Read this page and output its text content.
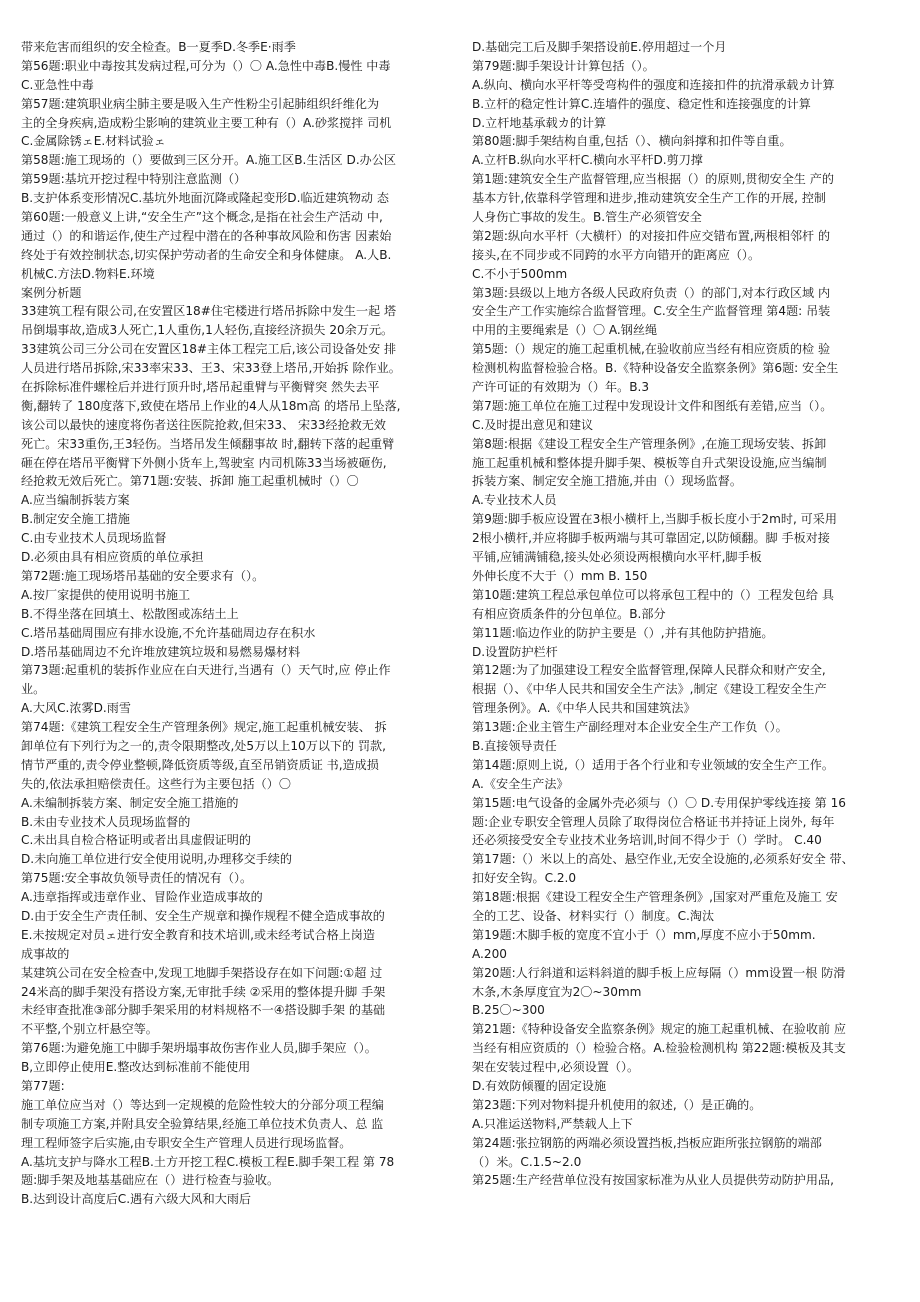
带来危害而组织的安全检查。B一夏季D.冬季E·雨季
第56题:职业中毒按其发病过程,可分为（）〇 A.急性中毒B.慢性 中毒
C.亚急性中毒
第57题:建筑职业病尘肺主要是吸入生产性粉尘引起肺组织纤维化为
主的全身疾病,造成粉尘影响的建筑业主要工种有（）A.砂浆搅拌 司机
C.金属除锈ェE.材料试验ェ
第58题:施工现场的（）要做到三区分开。A.施工区B.生活区 D.办公区
第59题:基坑开挖过程中特别注意监测（）
B.支护体系变形情况C.基坑外地面沉降或隆起变形D.临近建筑物动 态
第60题:一般意义上讲,“安全生产”这个概念,是指在社会生产活动 中,
通过（）的和谐运作,使生产过程中潜在的各种事故风险和伤害 因素始
终处于有效控制状态,切实保护劳动者的生命安全和身体健康。 A.人B.
机械C.方法D.物料E.环境
案例分析题
33建筑工程有限公司,在安置区18#住宅楼进行塔吊拆除中发生一起 塔
吊倒塌事故,造成3人死亡,1人重伤,1人轻伤,直接经济损失 20余万元。
33建筑公司三分公司在安置区18#主体工程完工后,该公司设备处安 排
人员进行塔吊拆除,宋33率宋33、王3、宋33登上塔吊,开始拆 除作业。
在拆除标准件螺栓后并进行顶升时,塔吊起重臂与平衡臂突 然失去平
衡,翻转了 180度落下,致使在塔吊上作业的4人从18m高 的塔吊上坠落,
该公司以最快的速度将伤者送往医院抢救,但宋33、 宋33经抢救无效
死亡。宋33重伤,王3轻伤。当塔吊发生倾翻事故 时,翻转下落的起重臂
砸在停在塔吊平衡臂下外侧小货车上,驾驶室 内司机陈33当场被砸伤,
经抢救无效后死亡。第71题:安装、拆卸 施工起重机械时（）〇
A.应当编制拆装方案
B.制定安全施工措施
C.由专业技术人员现场监督
D.必须由具有相应资质的单位承担
第72题:施工现场塔吊基础的安全要求有（）。
A.按厂家提供的使用说明书施工
B.不得坐落在回填土、松散图或冻结土上
C.塔吊基础周围应有排水设施,不允许基础周边存在积水
D.塔吊基础周边不允许堆放建筑垃圾和易燃易爆材料
第73题:起重机的装拆作业应在白天进行,当遇有（）天气时,应 停止作
业。
A.大风C.浓雾D.雨雪
第74题:《建筑工程安全生产管理条例》规定,施工起重机械安装、 拆
卸单位有下列行为之一的,责令限期整改,处5万以上10万以下的 罚款,
情节严重的,责令停业整顿,降低资质等级,直至吊销资质证 书,造成损
失的,依法承担赔偿责任。这些行为主要包括（）〇
A.未编制拆装方案、制定安全施工措施的
B.未由专业技术人员现场监督的
C.未出具自检合格证明或者出具虚假证明的
D.未向施工单位进行安全使用说明,办理移交手续的
第75题:安全事故负领导责任的情况有（）。
A.违章指挥或违章作业、冒险作业造成事故的
D.由于安全生产责任制、安全生产规章和操作规程不健全造成事故的
E.未按规定对员ェ进行安全教育和技术培训,或未经考试合格上岗造
成事故的
某建筑公司在安全检查中,发现工地脚手架搭设存在如下问题:①超 过
24米高的脚手架没有搭设方案,无审批手续 ②采用的整体提升脚 手架
未经审查批准③部分脚手架采用的材料规格不一④搭设脚手架 的基础
不平整,个别立杆悬空等。
第76题:为避免施工中脚手架坍塌事故伤害作业人员,脚手架应（）。
B,立即停止使用E.整改达到标准前不能使用
第77题:
施工单位应当对（）等达到一定规模的危险性较大的分部分项工程编
制专项施工方案,并附具安全验算结果,经施工单位技术负责人、总 监
理工程师签字后实施,由专职安全生产管理人员进行现场监督。
A.基坑支护与降水工程B.土方开挖工程C.模板工程E.脚手架工程 第 78
题:脚手架及地基基础应在（）进行检查与验收。
B.达到设计高度后C.遇有六级大风和大雨后
D.基础完工后及脚手架搭设前E.停用超过一个月
第79题:脚手架设计计算包括（）。
A.纵向、横向水平杆等受弯构件的强度和连接扣件的抗滑承载カ计算
B.立杆的稳定性计算C.连墙件的强度、稳定性和连接强度的计算
D.立杆地基承载カ的计算
第80题:脚手架结构自重,包括（）、横向斜撑和扣件等自重。
A.立杆B.纵向水平杆C.横向水平杆D.剪刀撑
第1题:建筑安全生产监督管理,应当根据（）的原则,贯彻安全生 产的
基本方针,依靠科学管理和进步,推动建筑安全生产工作的开展, 控制
人身伤亡事故的发生。B.管生产必须管安全
第2题:纵向水平杆（大横杆）的对接扣件应交错布置,两根相邻杆 的
接头,在不同步或不同跨的水平方向错开的距离应（）。
C.不小于500mm
第3题:县级以上地方各级人民政府负责（）的部门,对本行政区域 内
安全生产工作实施综合监督管理。C.安全生产监督管理 第4题: 吊装
中用的主要绳索是（）〇 A.钢丝绳
第5题:（）规定的施工起重机械,在验收前应当经有相应资质的检 验
检测机构监督检验合格。B.《特种设备安全监察条例》第6题: 安全生
产许可证的有效期为（）年。B.3
第7题:施工单位在施工过程中发现设计文件和图纸有差错,应当（）。
C.及时提出意见和建议
第8题:根据《建设工程安全生产管理条例》,在施工现场安装、拆卸
施工起重机械和整体提升脚手架、模板等自升式架设设施,应当编制
拆装方案、制定安全施工措施,并由（）现场监督。
A.专业技术人员
第9题:脚手板应设置在3根小横杆上,当脚手板长度小于2m时, 可采用
2根小横杆,并应将脚手板两端与其可靠固定,以防倾翻。脚 手板对接
平铺,应铺满铺稳,接头处必须设两根横向水平杆,脚手板
外伸长度不大于（）mm B. 150
第10题:建筑工程总承包单位可以将承包工程中的（）工程发包给 具
有相应资质条件的分包单位。B.部分
第11题:临边作业的防护主要是（）,并有其他防护措施。
D.设置防护栏杆
第12题:为了加强建设工程安全监督管理,保障人民群众和财产安全,
根据（）、《中华人民共和国安全生产法》,制定《建设工程安全生产
管理条例》。A.《中华人民共和国建筑法》
第13题:企业主管生产副经理对本企业安全生产工作负（）。
B.直接领导责任
第14题:原则上说,（）适用于各个行业和专业领域的安全生产工作。
A.《安全生产法》
第15题:电气设备的金属外壳必须与（）〇 D.专用保护零线连接 第 16
题:企业专职安全管理人员除了取得岗位合格证书并持证上岗外, 每年
还必须接受安全专业技术业务培训,时间不得少于（）学时。 C.40
第17题:（）米以上的高处、悬空作业,无安全设施的,必须系好安全 带、
扣好安全钩。C.2.0
第18题:根据《建设工程安全生产管理条例》,国家对严重危及施工 安
全的工艺、设备、材料实行（）制度。C.淘汰
第19题:木脚手板的宽度不宜小于（）mm,厚度不应小于50mm.
A.200
第20题:人行斜道和运料斜道的脚手板上应每隔（）mm设置一根 防滑
木条,木条厚度宜为2〇~30mm
B.25〇~300
第21题:《特种设备安全监察条例》规定的施工起重机械、在验收前 应
当经有相应资质的（）检验合格。A.检验检测机构 第22题:模板及其支
架在安装过程中,必须设置（）。
D.有效防倾覆的固定设施
第23题:下列对物料提升机使用的叙述,（）是正确的。
A.只准运送物料,严禁载人上下
第24题:张拉钢筋的两端必须设置挡板,挡板应距所张拉钢筋的端部
（）米。C.1.5~2.0
第25题:生产经营单位没有按国家标准为从业人员提供劳动防护用品,
